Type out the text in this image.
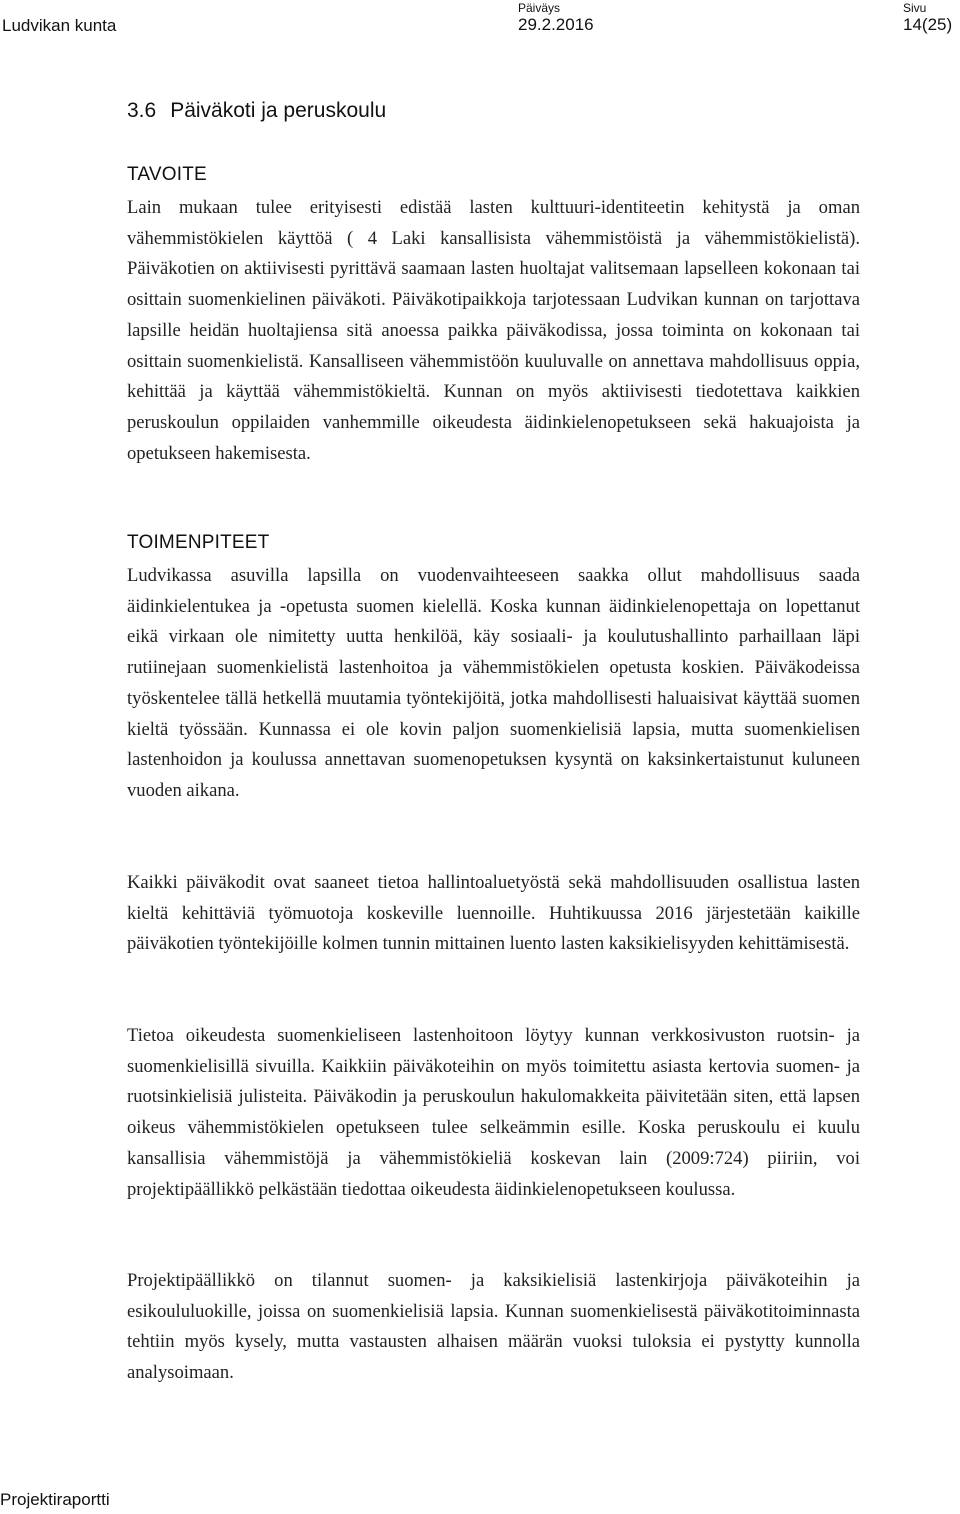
Ludvikan kunta
Päiväys
29.2.2016
Sivu
14(25)
3.6 Päiväkoti ja peruskoulu
TAVOITE

Lain mukaan tulee erityisesti edistää lasten kulttuuri-identiteetin kehitystä ja oman vähemmistökielen käyttöä ( 4 Laki kansallisista vähemmistöistä ja vähemmistökielistä). Päiväkotien on aktiivisesti pyrittävä saamaan lasten huoltajat valitsemaan lapselleen kokonaan tai osittain suomenkielinen päiväkoti. Päiväkotipaikkoja tarjotessaan Ludvikan kunnan on tarjottava lapsille heidän huoltajiensa sitä anoessa paikka päiväkodissa, jossa toiminta on kokonaan tai osittain suomenkielistä. Kansalliseen vähemmistöön kuuluvalle on annettava mahdollisuus oppia, kehittää ja käyttää vähemmistökieltä. Kunnan on myös aktiivisesti tiedotettava kaikkien peruskoulun oppilaiden vanhemmille oikeudesta äidinkielenopetukseen sekä hakuajoista ja opetukseen hakemisesta.

TOIMENPITEET

Ludvikassa asuvilla lapsilla on vuodenvaihteeseen saakka ollut mahdollisuus saada äidinkielentukea ja -opetusta suomen kielellä. Koska kunnan äidinkielenopettaja on lopettanut eikä virkaan ole nimitetty uutta henkilöä, käy sosiaali- ja koulutushallinto parhaillaan läpi rutiinejaan suomenkielistä lastenhoitoa ja vähemmistökielen opetusta koskien. Päiväkodeissa työskentelee tällä hetkellä muutamia työntekijöitä, jotka mahdollisesti haluaisivat käyttää suomen kieltä työssään. Kunnassa ei ole kovin paljon suomenkielisiä lapsia, mutta suomenkielisen lastenhoidon ja koulussa annettavan suomenopetuksen kysyntä on kaksinkertaistunut kuluneen vuoden aikana.

Kaikki päiväkodit ovat saaneet tietoa hallintoaluetyöstä sekä mahdollisuuden osallistua lasten kieltä kehittäviä työmuotoja koskeville luennoille. Huhtikuussa 2016 järjestetään kaikille päiväkotien työntekijöille kolmen tunnin mittainen luento lasten kaksikielisyyden kehittämisestä.

Tietoa oikeudesta suomenkieliseen lastenhoitoon löytyy kunnan verkkosivuston ruotsin- ja suomenkielisillä sivuilla. Kaikkiin päiväkoteihin on myös toimitettu asiasta kertovia suomen- ja ruotsinkielisiä julisteita. Päiväkodin ja peruskoulun hakulomakkeita päivitetään siten, että lapsen oikeus vähemmistökielen opetukseen tulee selkeämmin esille. Koska peruskoulu ei kuulu kansallisia vähemmistöjä ja vähemmistökieliä koskevan lain (2009:724) piiriin, voi projektipäällikkö pelkästään tiedottaa oikeudesta äidinkielenopetukseen koulussa.

Projektipäällikkö on tilannut suomen- ja kaksikielisiä lastenkirjoja päiväkoteihin ja esikoululuokille, joissa on suomenkielisiä lapsia. Kunnan suomenkielisestä päiväkotitoiminnasta tehtiin myös kysely, mutta vastausten alhaisen määrän vuoksi tuloksia ei pystytty kunnolla analysoimaan.

Projektiraportti
